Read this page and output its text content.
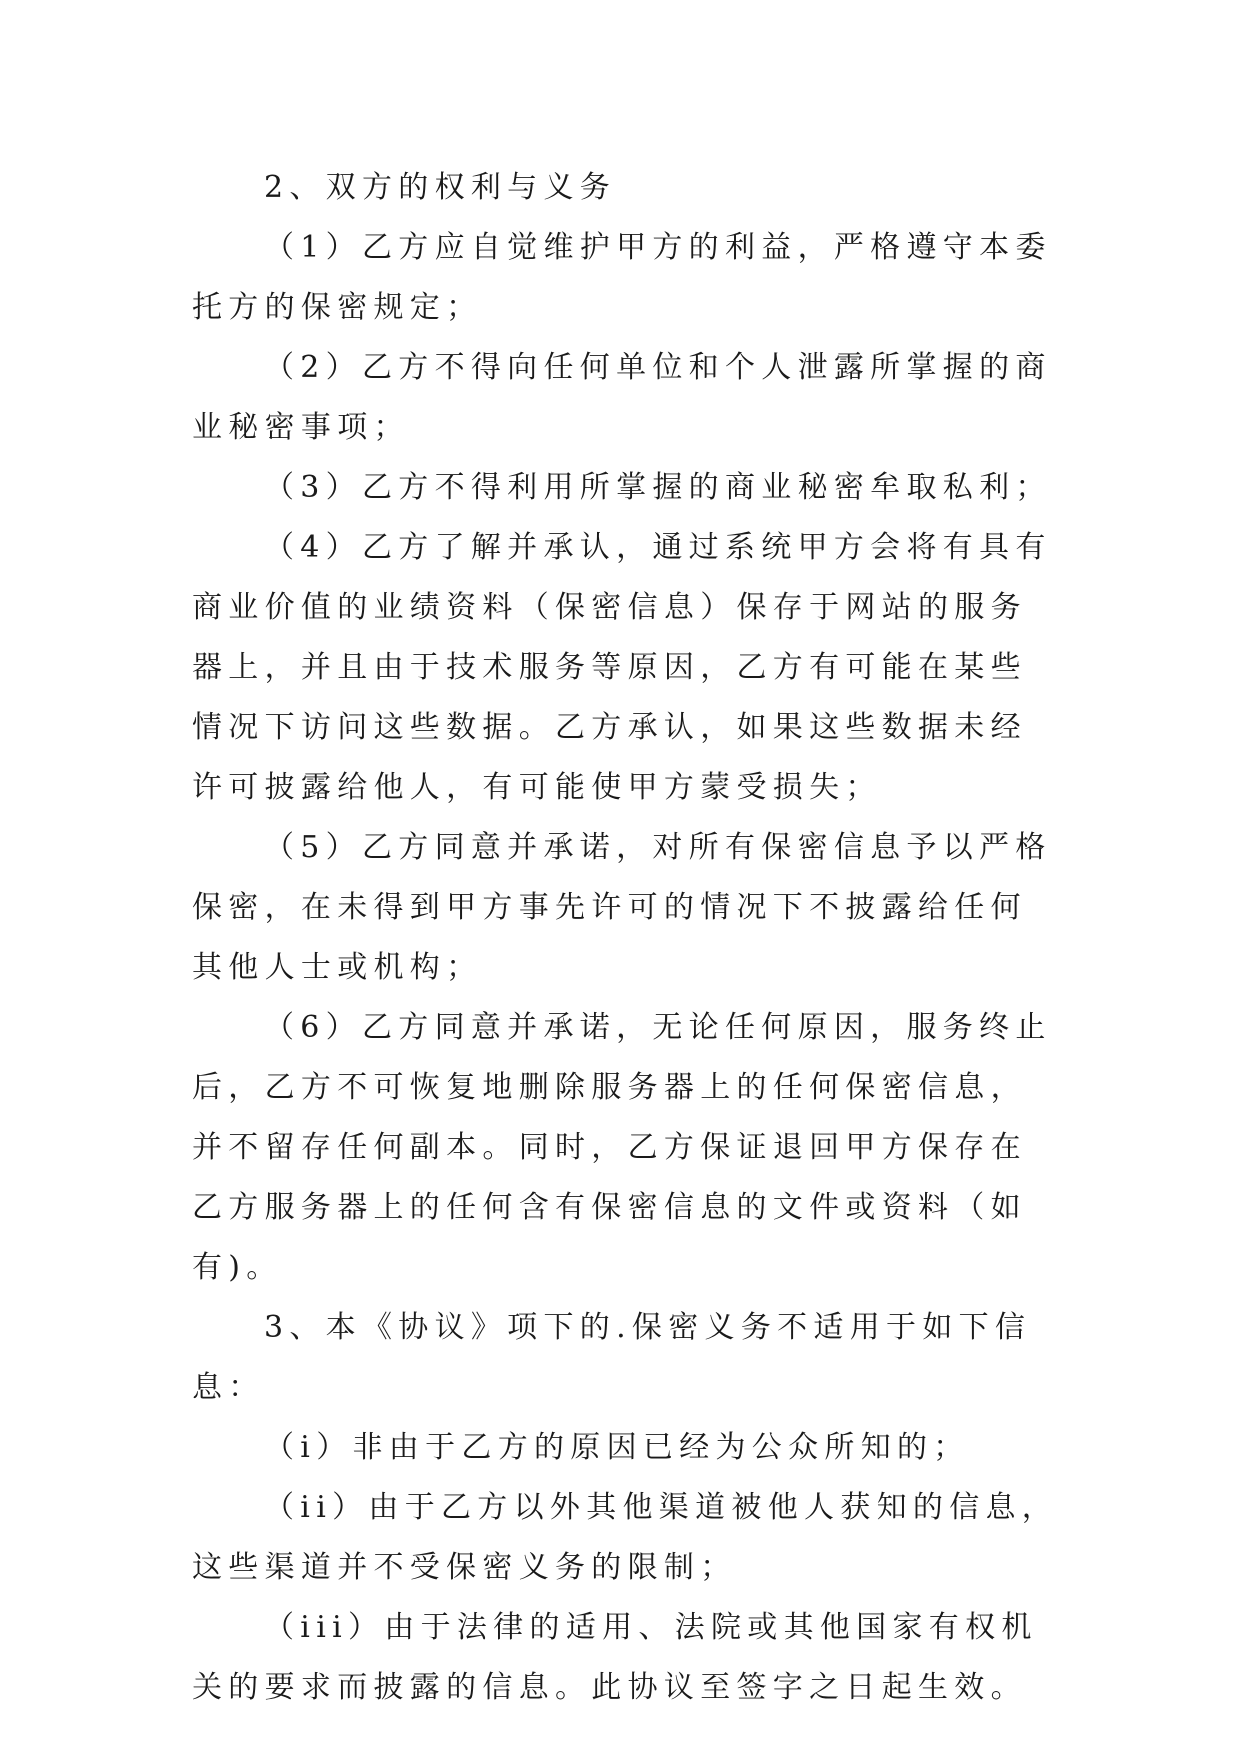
2、双方的权利与义务

（1）乙方应自觉维护甲方的利益，严格遵守本委托方的保密规定；

（2）乙方不得向任何单位和个人泄露所掌握的商业秘密事项；

（3）乙方不得利用所掌握的商业秘密牟取私利；

（4）乙方了解并承认，通过系统甲方会将有具有商业价值的业绩资料（保密信息）保存于网站的服务器上，并且由于技术服务等原因，乙方有可能在某些情况下访问这些数据。乙方承认，如果这些数据未经许可披露给他人，有可能使甲方蒙受损失；

（5）乙方同意并承诺，对所有保密信息予以严格保密，在未得到甲方事先许可的情况下不披露给任何其他人士或机构；

（6）乙方同意并承诺，无论任何原因，服务终止后，乙方不可恢复地删除服务器上的任何保密信息，并不留存任何副本。同时，乙方保证退回甲方保存在乙方服务器上的任何含有保密信息的文件或资料（如有)。

3、本《协议》项下的.保密义务不适用于如下信息：

（i）非由于乙方的原因已经为公众所知的；

（ii）由于乙方以外其他渠道被他人获知的信息，这些渠道并不受保密义务的限制；

（iii）由于法律的适用、法院或其他国家有权机关的要求而披露的信息。此协议至签字之日起生效。
